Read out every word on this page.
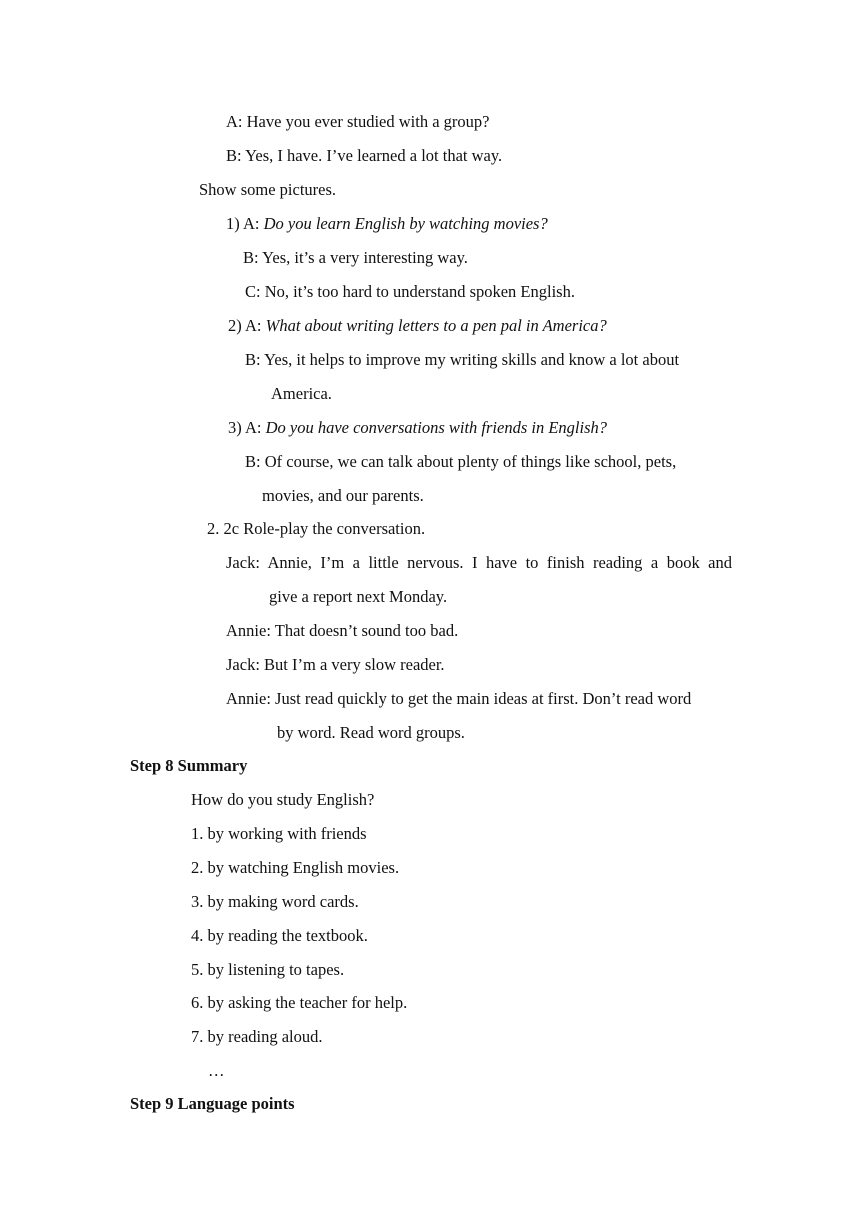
A: Have you ever studied with a group?
B: Yes, I have. I’ve learned a lot that way.
Show some pictures.
1) A: Do you learn English by watching movies?
B: Yes, it’s a very interesting way.
C: No, it’s too hard to understand spoken English.
2) A: What about writing letters to a pen pal in America?
B: Yes, it helps to improve my writing skills and know a lot about
America.
3) A: Do you have conversations with friends in English?
B: Of course, we can talk about plenty of things like school, pets,
movies, and our parents.
2. 2c Role-play the conversation.
Jack: Annie, I’m a little nervous. I have to finish reading a book and
give a report next Monday.
Annie: That doesn’t sound too bad.
Jack: But I’m a very slow reader.
Annie: Just read quickly to get the main ideas at first. Don’t read word
by word. Read word groups.
Step 8 Summary
How do you study English?
1. by working with friends
2. by watching English movies.
3. by making word cards.
4. by reading the textbook.
5. by listening to tapes.
6. by asking the teacher for help.
7. by reading aloud.
…
Step 9 Language points
